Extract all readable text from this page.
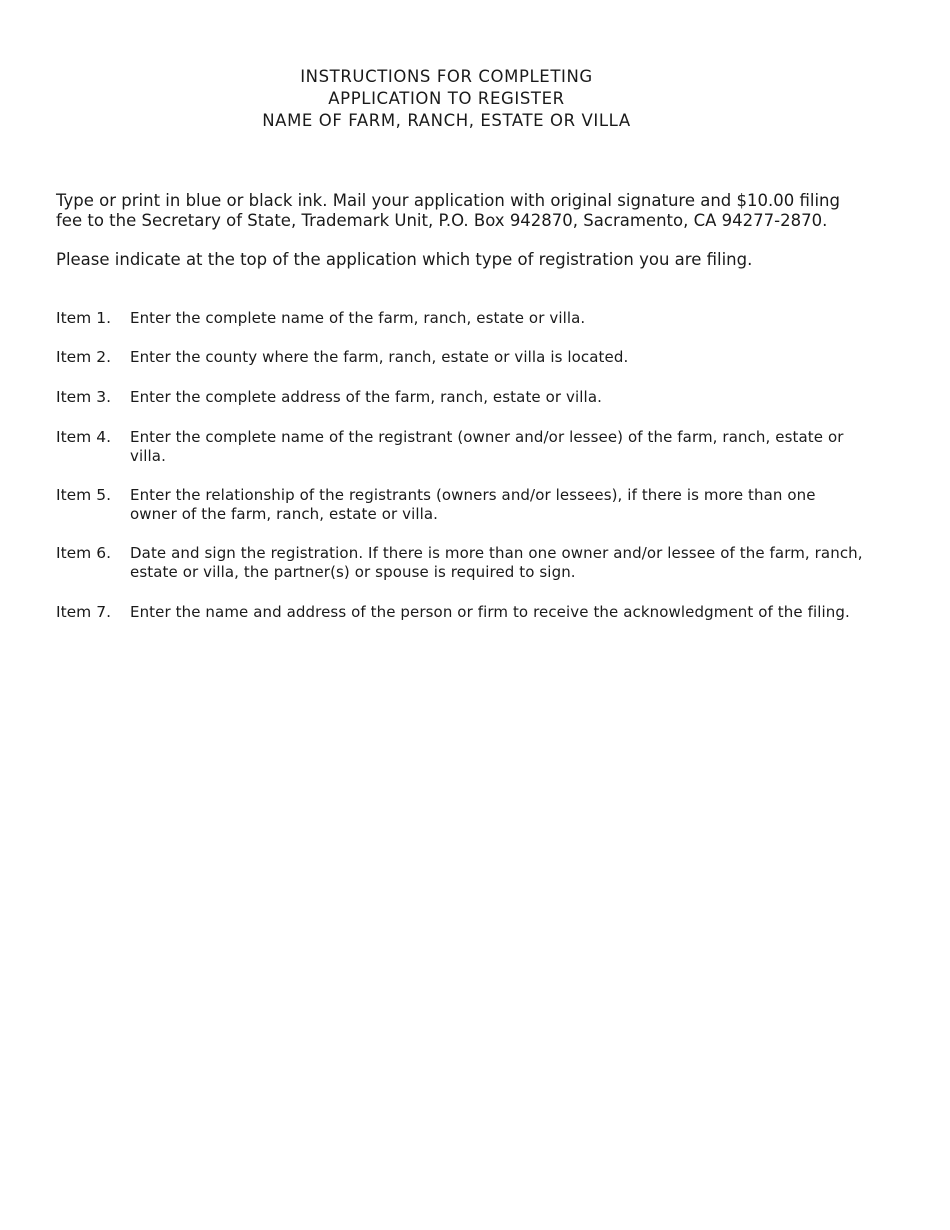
INSTRUCTIONS FOR COMPLETING
APPLICATION TO REGISTER
NAME OF FARM, RANCH, ESTATE OR VILLA

Type or print in blue or black ink. Mail your application with original signature and $10.00 filing fee to the Secretary of State, Trademark Unit, P.O. Box 942870, Sacramento, CA 94277-2870.

Please indicate at the top of the application which type of registration you are filing.

Item 1.	Enter the complete name of the farm, ranch, estate or villa.
Item 2.	Enter the county where the farm, ranch, estate or villa is located.
Item 3.	Enter the complete address of the farm, ranch, estate or villa.
Item 4.	Enter the complete name of the registrant (owner and/or lessee) of the farm, ranch, estate or villa.
Item 5.	Enter the relationship of the registrants (owners and/or lessees), if there is more than one owner of the farm, ranch, estate or villa.
Item 6.	Date and sign the registration. If there is more than one owner and/or lessee of the farm, ranch, estate or villa, the partner(s) or spouse is required to sign.
Item 7.	Enter the name and address of the person or firm to receive the acknowledgment of the filing.
